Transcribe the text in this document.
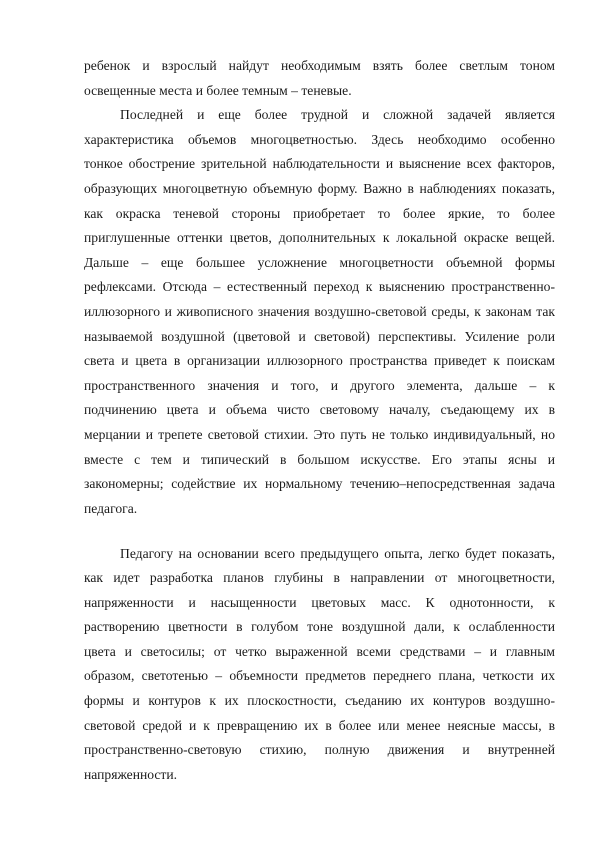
ребенок и взрослый найдут необходимым взять более светлым тоном
освещенные места и более темным – теневые.
Последней и еще более трудной и сложной задачей является
характеристика объемов многоцветностью. Здесь необходимо особенно
тонкое обострение зрительной наблюдательности и выяснение всех факторов,
образующих многоцветную объемную форму. Важно в наблюдениях показать,
как окраска теневой стороны приобретает то более яркие, то более
приглушенные оттенки цветов, дополнительных к локальной окраске вещей.
Дальше – еще большее усложнение многоцветности объемной формы
рефлексами. Отсюда – естественный переход к выяснению пространственно-
иллюзорного и живописного значения воздушно-световой среды, к законам так
называемой воздушной (цветовой и световой) перспективы. Усиление роли
света и цвета в организации иллюзорного пространства приведет к поискам
пространственного значения и того, и другого элемента, дальше – к
подчинению цвета и объема чисто световому началу, съедающему их в
мерцании и трепете световой стихии. Это путь не только индивидуальный, но
вместе с тем и типический в большом искусстве. Его этапы ясны и
закономерны; содействие их нормальному течению–непосредственная задача
педагога.
Педагогу на основании всего предыдущего опыта, легко будет показать,
как идет разработка планов глубины в направлении от многоцветности,
напряженности и насыщенности цветовых масс. К однотонности, к
растворению цветности в голубом тоне воздушной дали, к ослабленности
цвета и светосилы; от четко выраженной всеми средствами – и главным
образом, светотенью – объемности предметов переднего плана, четкости их
формы и контуров к их плоскостности, съеданию их контуров воздушно-
световой средой и к превращению их в более или менее неясные массы, в
пространственно-световую стихию, полную движения и внутренней
напряженности.
